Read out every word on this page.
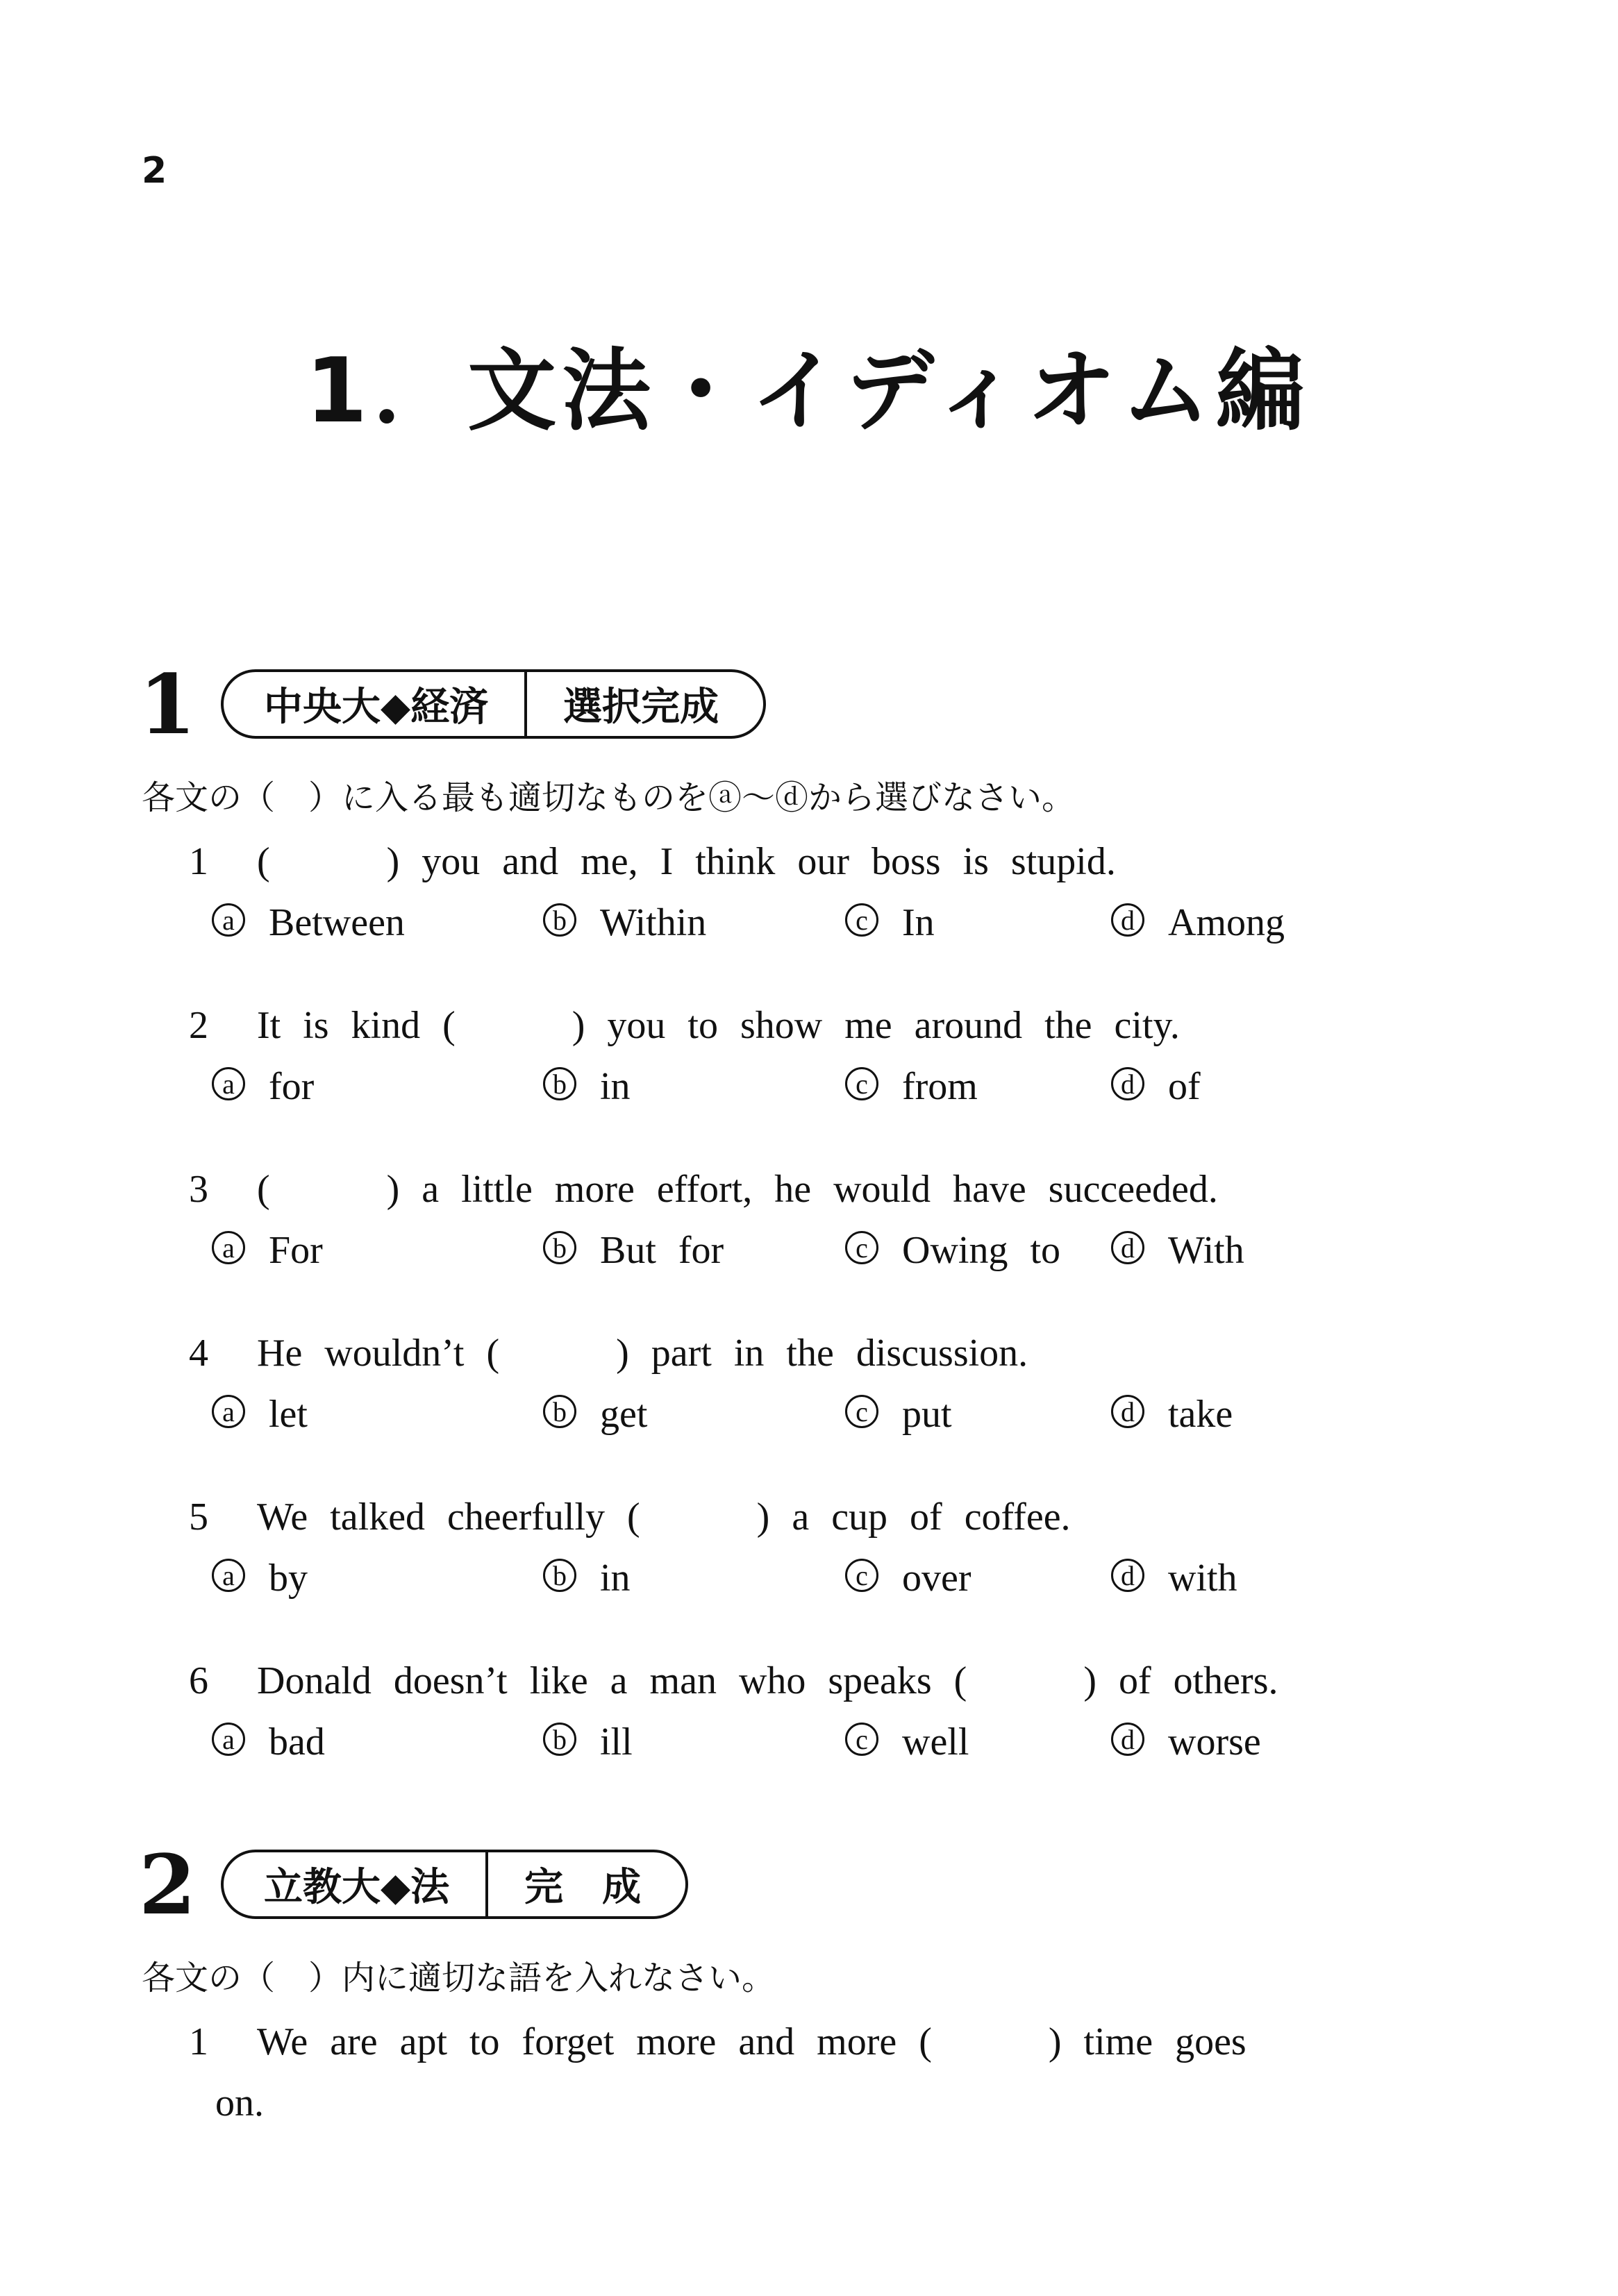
2
1．文法・イディオム編
1	中央大◆経済	選択完成
各文の（　）に入る最も適切なものをⓐ～ⓓから選びなさい。
1 (　　　) you and me, I think our boss is stupid.
a Between	b Within	c In	d Among
2 It is kind (　　　) you to show me around the city.
a for	b in	c from	d of
3 (　　　) a little more effort, he would have succeeded.
a For	b But for	c Owing to	d With
4 He wouldn’t (　　　) part in the discussion.
a let	b get	c put	d take
5 We talked cheerfully (　　　) a cup of coffee.
a by	b in	c over	d with
6 Donald doesn’t like a man who speaks (　　　) of others.
a bad	b ill	c well	d worse
2	立教大◆法	完　成
各文の（　）内に適切な語を入れなさい。
1 We are apt to forget more and more (　　　) time goes
on.
